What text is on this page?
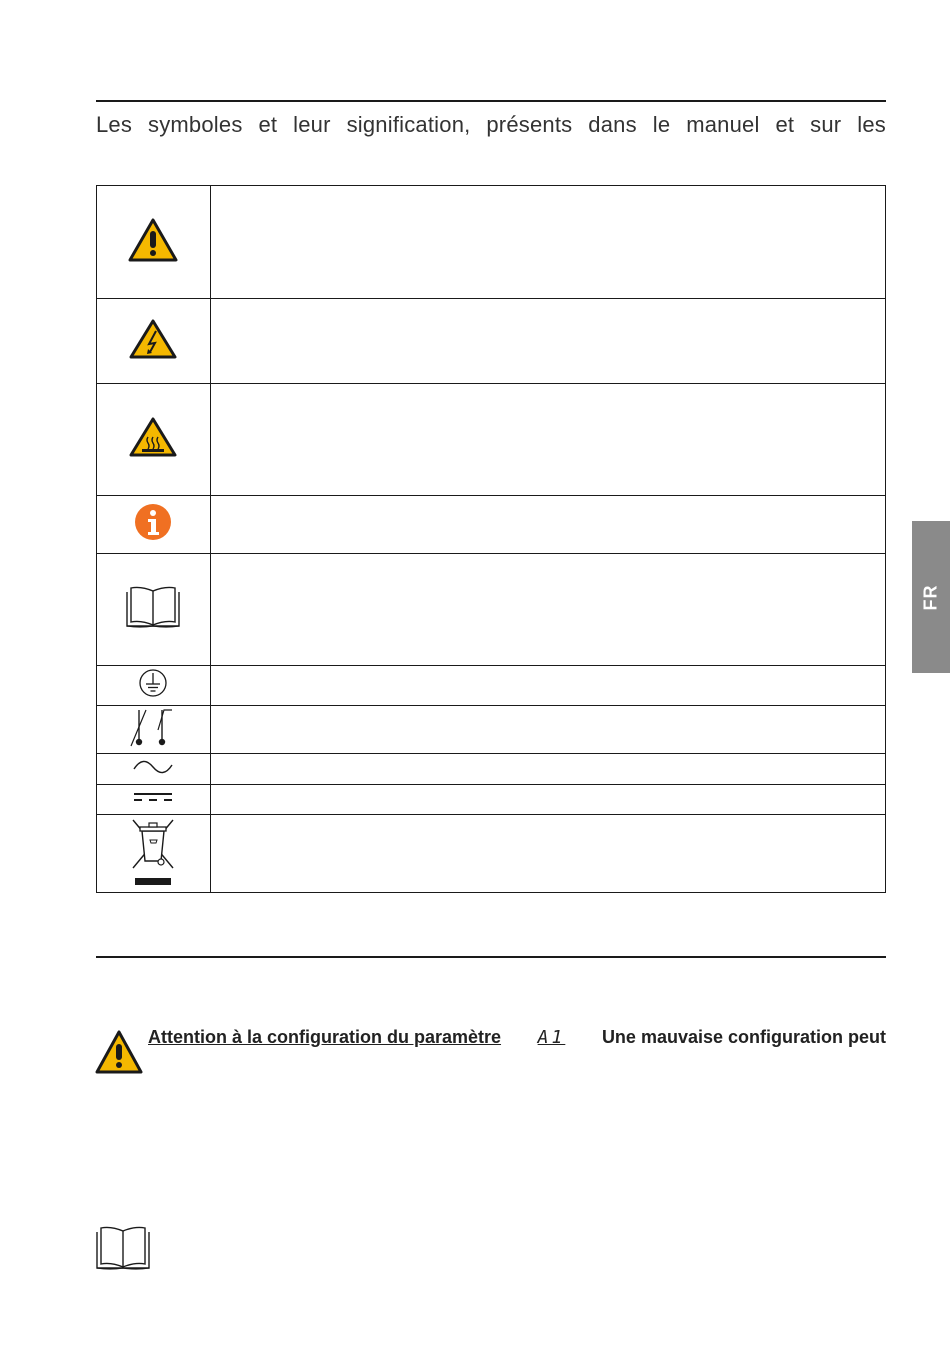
Les symboles et leur signification, présents dans le manuel et sur les

FR
Attention à la configuration du paramètre A1 Une mauvaise configuration peut
